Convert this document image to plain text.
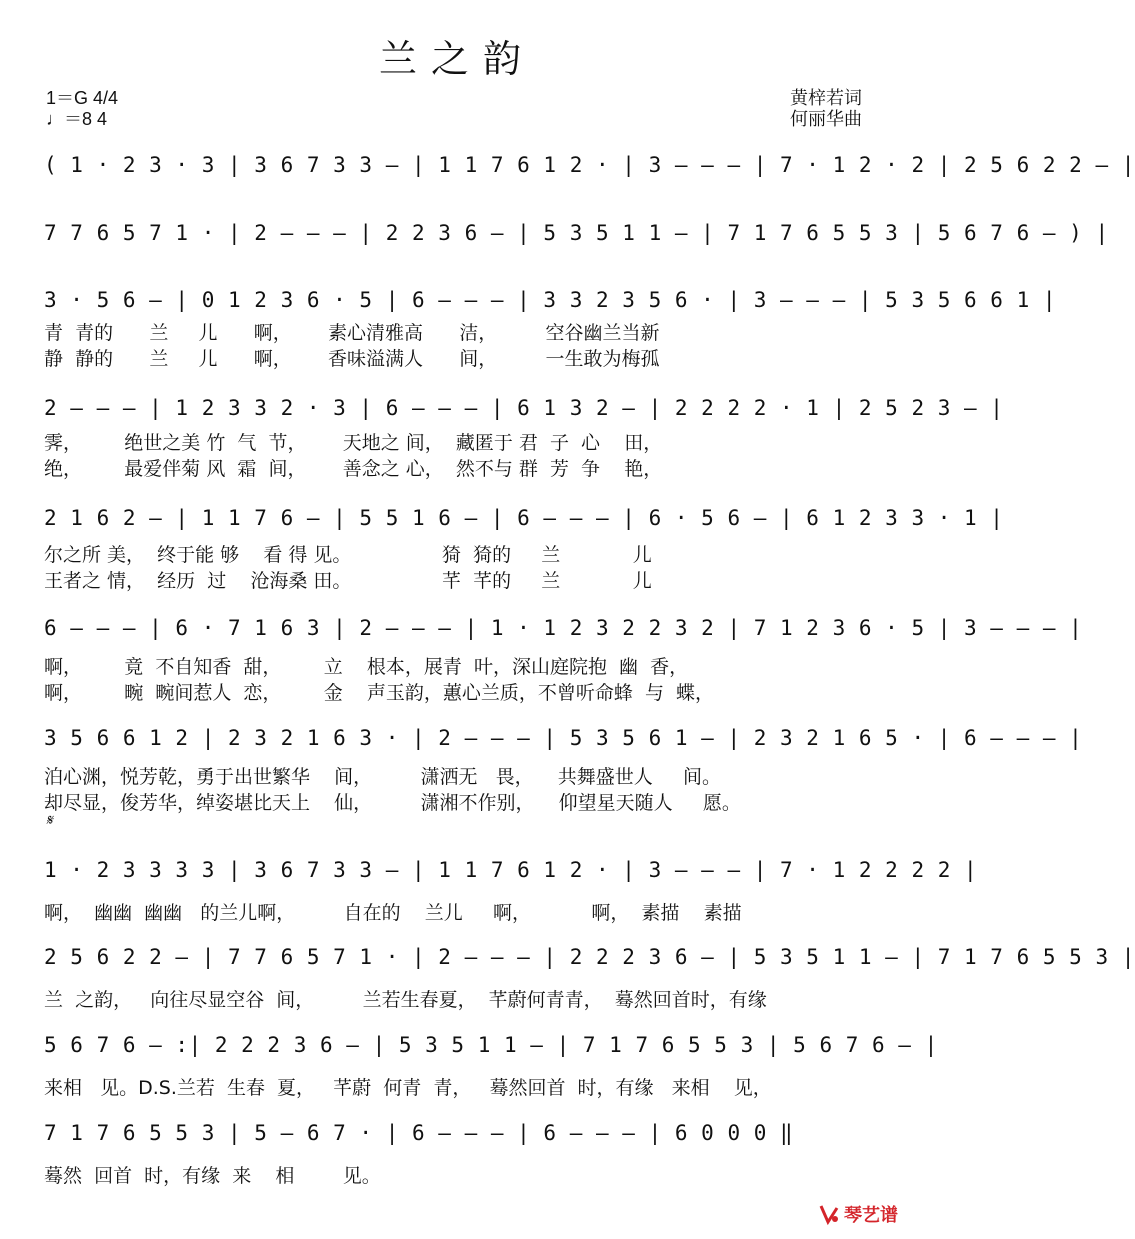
兰之韵
1＝G 4/4
♩＝8 4
黄梓若词
何丽华曲
( 1 · 2 3 · 3 | 3 6 7 3 3 – | 1 1 7 6 1 2 · | 3 – – – | 7 · 1 2 · 2 | 2 5 6 2 2 – |
7 7 6 5 7 1 · | 2 – – – | 2 2 3 6 – | 5 3 5 1 1 – | 7 1 7 6 5 5 3 | 5 6 7 6 – ) |
3 · 5 6 – | 0 1 2 3 6 · 5 | 6 – – – | 3 3 2 3 5 6 · | 3 – – – | 5 3 5 6 6 1 |
青  青的      兰     儿      啊，      素心清雅高      洁，        空谷幽兰当新
静  静的      兰     儿      啊，      香味溢满人      间，        一生敢为梅孤
2 – – – | 1 2 3 3 2 · 3 | 6 – – – | 6 1 3 2 – | 2 2 2 2 · 1 | 2 5 2 3 – |
霁，       绝世之美 竹  气  节，      天地之 间，  藏匿于 君  子  心    田，
绝，       最爱伴菊 风  霜  间，      善念之 心，  然不与 群  芳  争    艳，
2 1 6 2 – | 1 1 7 6 – | 5 5 1 6 – | 6 – – – | 6 · 5 6 – | 6 1 2 3 3 · 1 |
尔之所 美，  终于能 够    看 得 见。               猗  猗的     兰            儿
王者之 情，  经历  过    沧海桑 田。               芊  芊的     兰            儿
6 – – – | 6 · 7 1 6 3 | 2 – – – | 1 · 1 2 3 2 2 3 2 | 7 1 2 3 6 · 5 | 3 – – – |
啊，       竟  不自知香  甜，       立    根本，展青  叶，深山庭院抱  幽  香，
啊，       畹  畹间惹人  恋，       金    声玉韵，蕙心兰质，不曾听命蜂  与  蝶，
3 5 6 6 1 2 | 2 3 2 1 6 3 · | 2 – – – | 5 3 5 6 1 – | 2 3 2 1 6 5 · | 6 – – – |
泊心渊，悦芳乾，勇于出世繁华    间，        潇洒无   畏，    共舞盛世人     间。
却尽显，俊芳华，绰姿堪比天上    仙，        潇湘不作别，    仰望星天随人     愿。
𝄋
1 · 2 3 3 3 3 | 3 6 7 3 3 – | 1 1 7 6 1 2 · | 3 – – – | 7 · 1 2 2 2 2 |
啊，  幽幽  幽幽   的兰儿啊，        自在的    兰儿     啊，          啊，  素描    素描
2 5 6 2 2 – | 7 7 6 5 7 1 · | 2 – – – | 2 2 2 3 6 – | 5 3 5 1 1 – | 7 1 7 6 5 5 3 |
兰  之韵，   向往尽显空谷  间，        兰若生春夏，  芊蔚何青青，  蓦然回首时，有缘
5 6 7 6 – :| 2 2 2 3 6 – | 5 3 5 1 1 – | 7 1 7 6 5 5 3 | 5 6 7 6 – |
来相   见。D.S.兰若  生春  夏，   芊蔚  何青  青，   蓦然回首  时，有缘   来相    见，
7 1 7 6 5 5 3 | 5 – 6 7 · | 6 – – – | 6 – – – | 6 0 0 0 ‖
蓦然  回首  时，有缘  来    相        见。
琴艺谱
